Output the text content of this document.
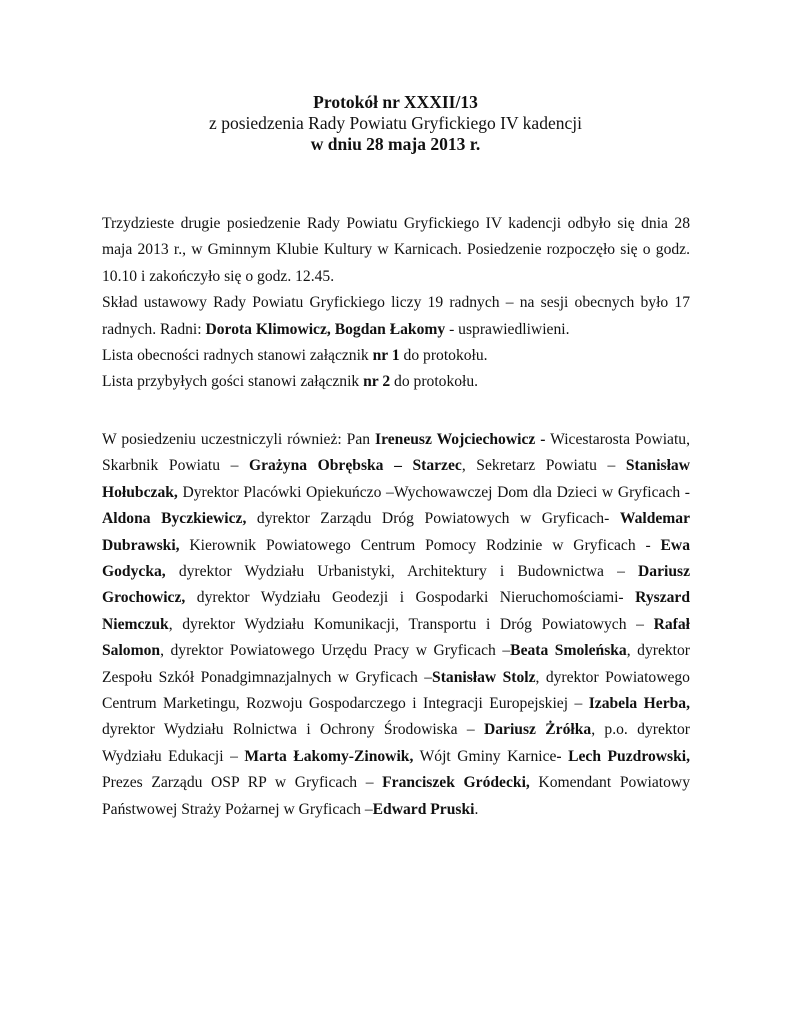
Protokół nr XXXII/13
z posiedzenia Rady Powiatu Gryfickiego IV kadencji
w dniu 28 maja 2013 r.

Trzydzieste drugie posiedzenie Rady Powiatu Gryfickiego IV kadencji odbyło się dnia 28 maja 2013 r., w Gminnym Klubie Kultury w Karnicach. Posiedzenie rozpoczęło się o godz. 10.10 i zakończyło się o godz. 12.45.

Skład ustawowy Rady Powiatu Gryfickiego liczy 19 radnych – na sesji obecnych było 17 radnych. Radni: Dorota Klimowicz, Bogdan Łakomy - usprawiedliwieni.

Lista obecności radnych stanowi załącznik nr 1 do protokołu.

Lista przybyłych gości stanowi załącznik nr 2 do protokołu.

W posiedzeniu uczestniczyli również: Pan Ireneusz Wojciechowicz - Wicestarosta Powiatu, Skarbnik Powiatu – Grażyna Obrębska – Starzec, Sekretarz Powiatu – Stanisław Hołubczak, Dyrektor Placówki Opiekuńczo –Wychowawczej Dom dla Dzieci w Gryficach -Aldona Byczkiewicz, dyrektor Zarządu Dróg Powiatowych w Gryficach- Waldemar Dubrawski, Kierownik Powiatowego Centrum Pomocy Rodzinie w Gryficach - Ewa Godycka, dyrektor Wydziału Urbanistyki, Architektury i Budownictwa – Dariusz Grochowicz, dyrektor Wydziału Geodezji i Gospodarki Nieruchomościami- Ryszard Niemczuk, dyrektor Wydziału Komunikacji, Transportu i Dróg Powiatowych – Rafał Salomon, dyrektor Powiatowego Urzędu Pracy w Gryficach –Beata Smoleńska, dyrektor Zespołu Szkół Ponadgimnazjalnych w Gryficach –Stanisław Stolz, dyrektor Powiatowego Centrum Marketingu, Rozwoju Gospodarczego i Integracji Europejskiej – Izabela Herba, dyrektor Wydziału Rolnictwa i Ochrony Środowiska – Dariusz Żrółka, p.o. dyrektor Wydziału Edukacji – Marta Łakomy-Zinowik, Wójt Gminy Karnice- Lech Puzdrowski, Prezes Zarządu OSP RP w Gryficach – Franciszek Gródecki, Komendant Powiatowy Państwowej Straży Pożarnej w Gryficach –Edward Pruski.
